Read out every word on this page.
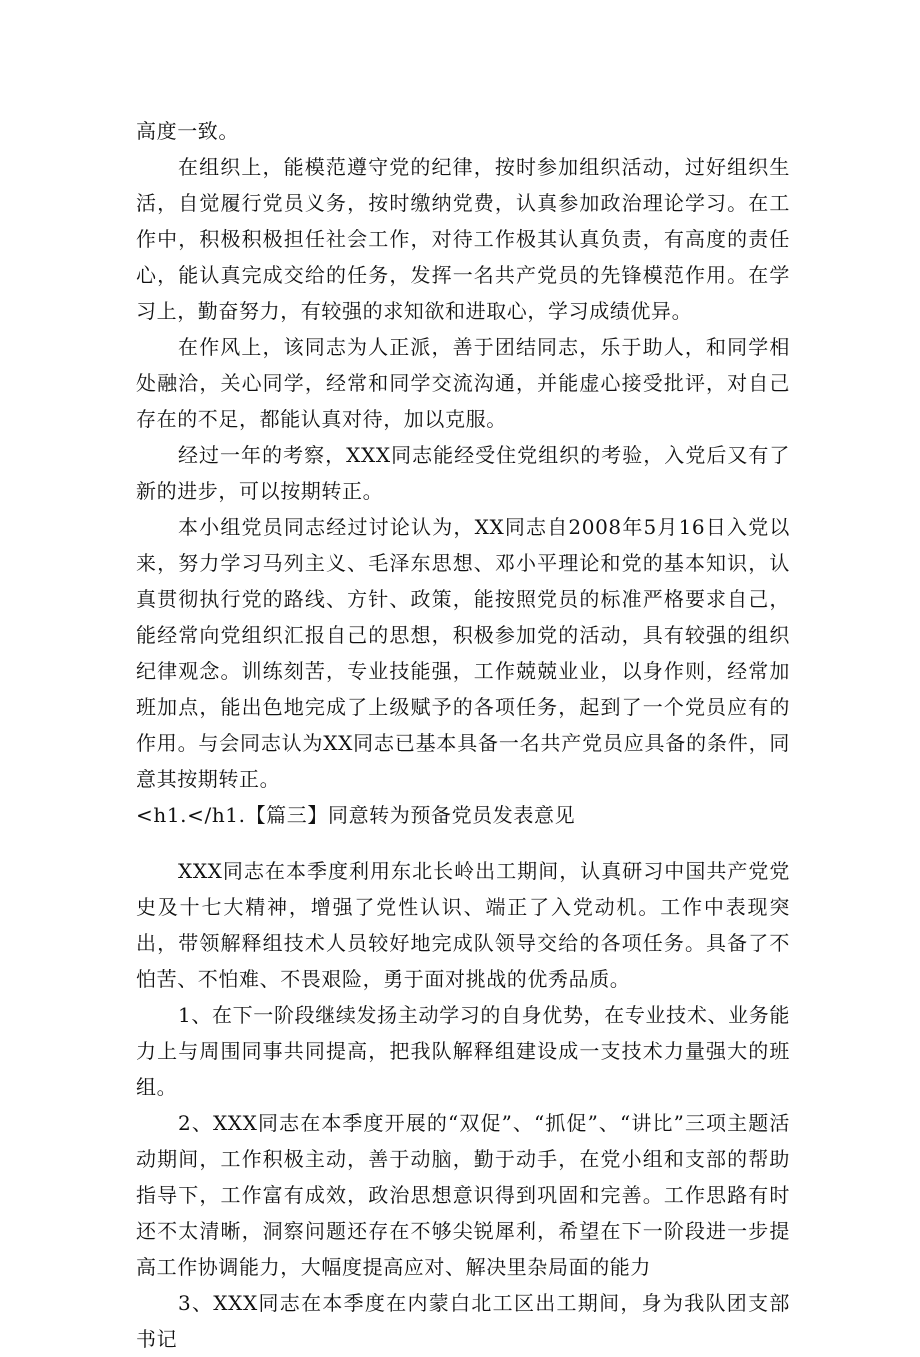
高度一致。

在组织上，能模范遵守党的纪律，按时参加组织活动，过好组织生活，自觉履行党员义务，按时缴纳党费，认真参加政治理论学习。在工作中，积极积极担任社会工作，对待工作极其认真负责，有高度的责任心，能认真完成交给的任务，发挥一名共产党员的先锋模范作用。在学习上，勤奋努力，有较强的求知欲和进取心，学习成绩优异。

在作风上，该同志为人正派，善于团结同志，乐于助人，和同学相处融洽，关心同学，经常和同学交流沟通，并能虚心接受批评，对自己存在的不足，都能认真对待，加以克服。

经过一年的考察，XXX同志能经受住党组织的考验，入党后又有了新的进步，可以按期转正。

本小组党员同志经过讨论认为，XX同志自2008年5月16日入党以来，努力学习马列主义、毛泽东思想、邓小平理论和党的基本知识，认真贯彻执行党的路线、方针、政策，能按照党员的标准严格要求自己，能经常向党组织汇报自己的思想，积极参加党的活动，具有较强的组织纪律观念。训练刻苦，专业技能强，工作兢兢业业，以身作则，经常加班加点，能出色地完成了上级赋予的各项任务，起到了一个党员应有的作用。与会同志认为XX同志已基本具备一名共产党员应具备的条件，同意其按期转正。

<h1.</h1.【篇三】同意转为预备党员发表意见

XXX同志在本季度利用东北长岭出工期间，认真研习中国共产党党史及十七大精神，增强了党性认识、端正了入党动机。工作中表现突出，带领解释组技术人员较好地完成队领导交给的各项任务。具备了不怕苦、不怕难、不畏艰险，勇于面对挑战的优秀品质。

1、在下一阶段继续发扬主动学习的自身优势，在专业技术、业务能力上与周围同事共同提高，把我队解释组建设成一支技术力量强大的班组。

2、XXX同志在本季度开展的“双促”、“抓促”、“讲比”三项主题活动期间，工作积极主动，善于动脑，勤于动手，在党小组和支部的帮助指导下，工作富有成效，政治思想意识得到巩固和完善。工作思路有时还不太清晰，洞察问题还存在不够尖锐犀利，希望在下一阶段进一步提高工作协调能力，大幅度提高应对、解决里杂局面的能力

3、XXX同志在本季度在内蒙白北工区出工期间，身为我队团支部书记
